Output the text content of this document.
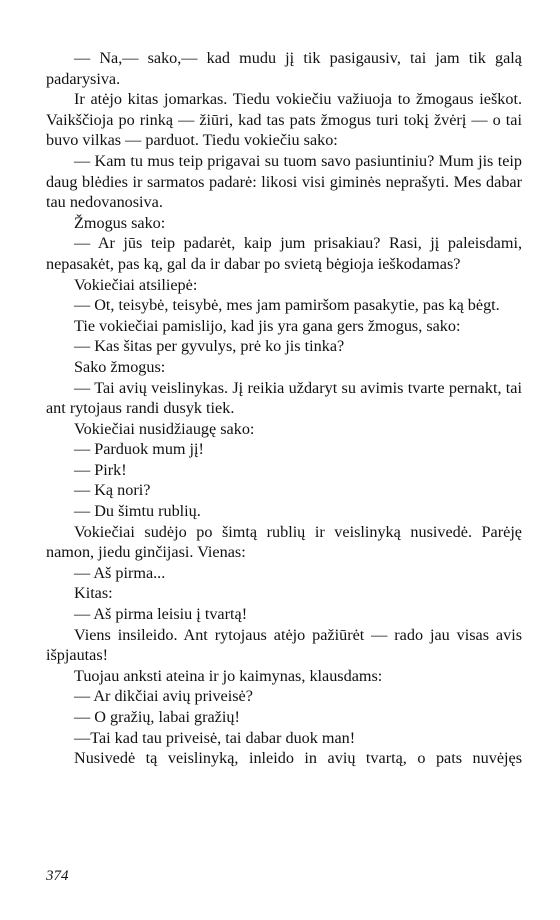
— Na,— sako,— kad mudu jį tik pasigausiv, tai jam tik galą padarysiva.

Ir atėjo kitas jomarkas. Tiedu vokiečiu važiuoja to žmogaus ieškot. Vaikščioja po rinką — žiūri, kad tas pats žmogus turi tokį žvėrį — o tai buvo vilkas — parduot. Tiedu vokiečiu sako:

— Kam tu mus teip prigavai su tuom savo pasiuntiniu? Mum jis teip daug blėdies ir sarmatos padarė: likosi visi giminės neprašyti. Mes dabar tau nedovanosiva.

Žmogus sako:

— Ar jūs teip padarėt, kaip jum prisakiau? Rasi, jį paleisdami, nepasakėt, pas ką, gal da ir dabar po svietą bėgioja ieškodamas?

Vokiečiai atsiliepė:

— Ot, teisybė, teisybė, mes jam pamiršom pasakytie, pas ką bėgt.

Tie vokiečiai pamislijo, kad jis yra gana gers žmogus, sako:

— Kas šitas per gyvulys, prė ko jis tinka?

Sako žmogus:

— Tai avių veislinykas. Jį reikia uždaryt su avimis tvarte pernakt, tai ant rytojaus randi dusyk tiek.

Vokiečiai nusidžiaugę sako:

— Parduok mum jį!

— Pirk!

— Ką nori?

— Du šimtu rublių.

Vokiečiai sudėjo po šimtą rublių ir veislinyką nusivedė. Parėję namon, jiedu ginčijasi. Vienas:

— Aš pirma...

Kitas:

— Aš pirma leisiu į tvartą!

Viens insileido. Ant rytojaus atėjo pažiūrėt — rado jau visas avis išpjautas!

Tuojau anksti ateina ir jo kaimynas, klausdams:

— Ar dikčiai avių priveisė?

— O gražių, labai gražių!

—Tai kad tau priveisė, tai dabar duok man!

Nusivedė tą veislinyką, inleido in avių tvartą, o pats nuvėjęs

374
